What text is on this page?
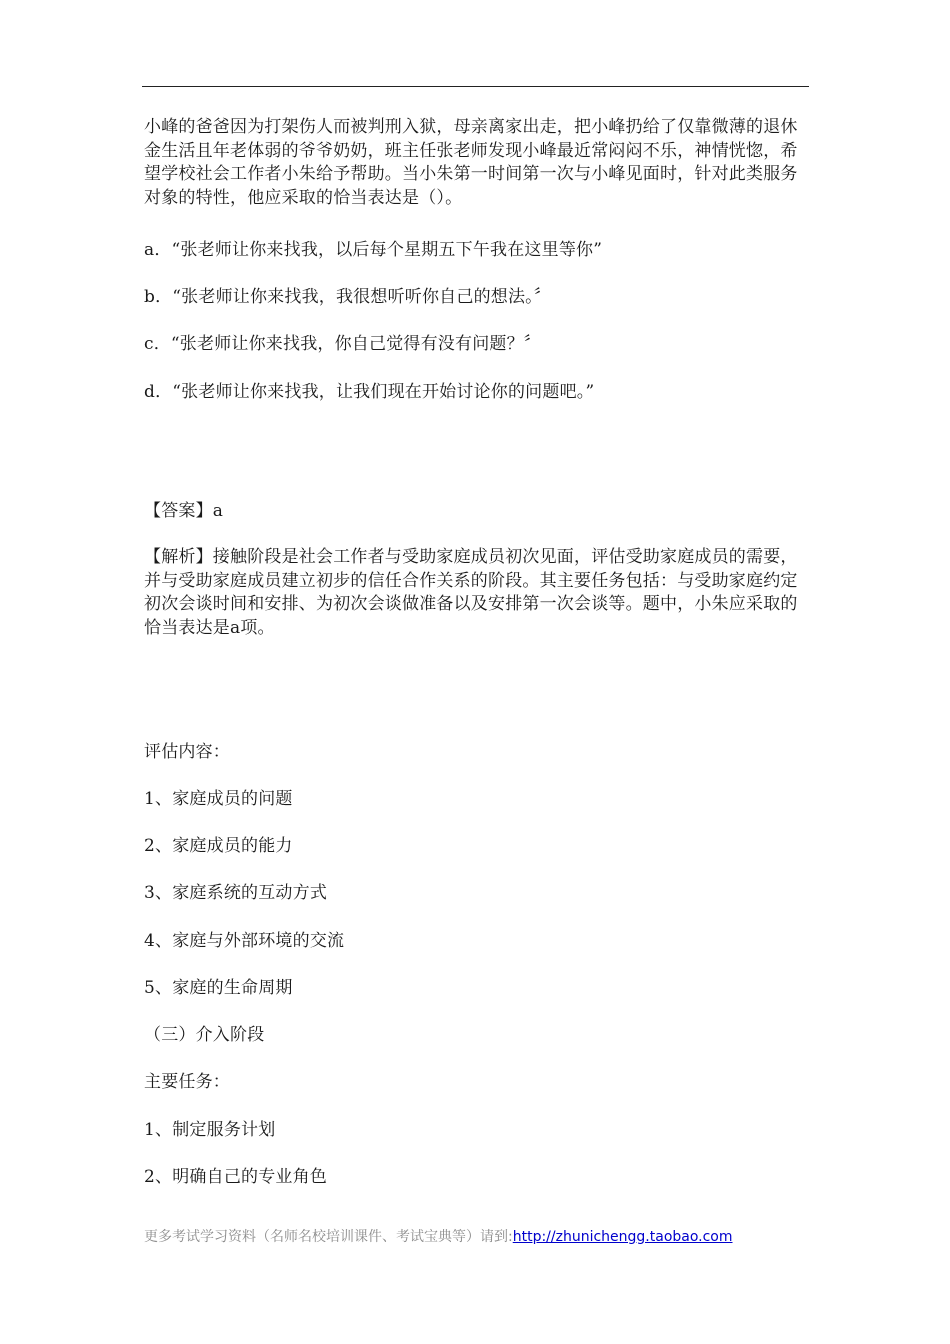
小峰的爸爸因为打架伤人而被判刑入狱，母亲离家出走，把小峰扔给了仅靠微薄的退休金生活且年老体弱的爷爷奶奶，班主任张老师发现小峰最近常闷闷不乐，神情恍惚，希望学校社会工作者小朱给予帮助。当小朱第一时间第一次与小峰见面时，针对此类服务对象的特性，他应采取的恰当表达是（）。

a．“张老师让你来找我，以后每个星期五下午我在这里等你”

b．“张老师让你来找我，我很想听听你自己的想法。〞

c．“张老师让你来找我，你自己觉得有没有问题？〞

d．“张老师让你来找我，让我们现在开始讨论你的问题吧。”

【答案】a

【解析】接触阶段是社会工作者与受助家庭成员初次见面，评估受助家庭成员的需要，并与受助家庭成员建立初步的信任合作关系的阶段。其主要任务包括：与受助家庭约定初次会谈时间和安排、为初次会谈做准备以及安排第一次会谈等。题中，小朱应采取的恰当表达是a项。

评估内容：

1、家庭成员的问题

2、家庭成员的能力

3、家庭系统的互动方式

4、家庭与外部环境的交流

5、家庭的生命周期

（三）介入阶段

主要任务：

1、制定服务计划

2、明确自己的专业角色

更多考试学习资料（名师名校培训课件、考试宝典等）请到:http://zhunichengg.taobao.com
